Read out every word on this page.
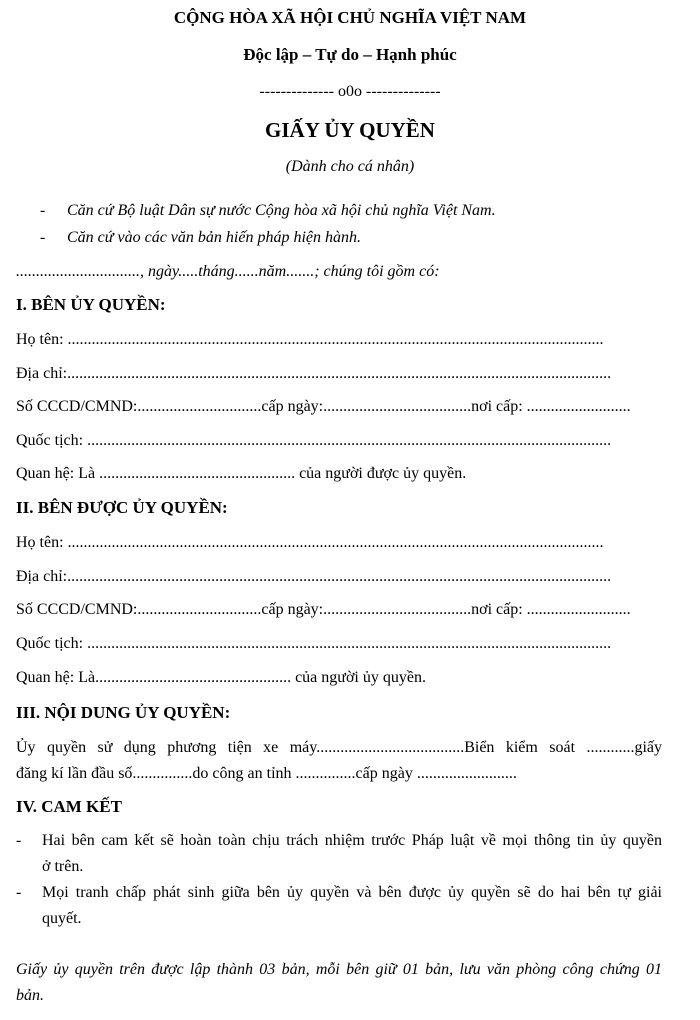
CỘNG HÒA XÃ HỘI CHỦ NGHĨA VIỆT NAM
Độc lập – Tự do – Hạnh phúc
-------------- o0o --------------
GIẤY ỦY QUYỀN
(Dành cho cá nhân)
- Căn cứ Bộ luật Dân sự nước Cộng hòa xã hội chủ nghĩa Việt Nam.
- Căn cứ vào các văn bản hiến pháp hiện hành.
..............................., ngày.....tháng......năm.......; chúng tôi gồm có:
I. BÊN ỦY QUYỀN:
Họ tên: ......................................................................................................................................
Địa chỉ:........................................................................................................................................
Số CCCD/CMND:...............................cấp ngày:.....................................nơi cấp: ..........................
Quốc tịch: ...................................................................................................................................
Quan hệ: Là ................................................. của người được ủy quyền.
II. BÊN ĐƯỢC ỦY QUYỀN:
Họ tên: ......................................................................................................................................
Địa chỉ:........................................................................................................................................
Số CCCD/CMND:...............................cấp ngày:.....................................nơi cấp: ..........................
Quốc tịch: ...................................................................................................................................
Quan hệ: Là................................................. của người ủy quyền.
III. NỘI DUNG ỦY QUYỀN:
Ủy quyền sử dụng phương tiện xe máy.....................................Biển kiểm soát ............giấy
đăng kí lần đầu số...............do công an tỉnh ...............cấp ngày .........................
IV. CAM KẾT
- Hai bên cam kết sẽ hoàn toàn chịu trách nhiệm trước Pháp luật về mọi thông tin ủy quyền
ở trên.
- Mọi tranh chấp phát sinh giữa bên ủy quyền và bên được ủy quyền sẽ do hai bên tự giải
quyết.
Giấy ủy quyền trên được lập thành 03 bản, mỗi bên giữ 01 bản, lưu văn phòng công chứng 01
bản.
